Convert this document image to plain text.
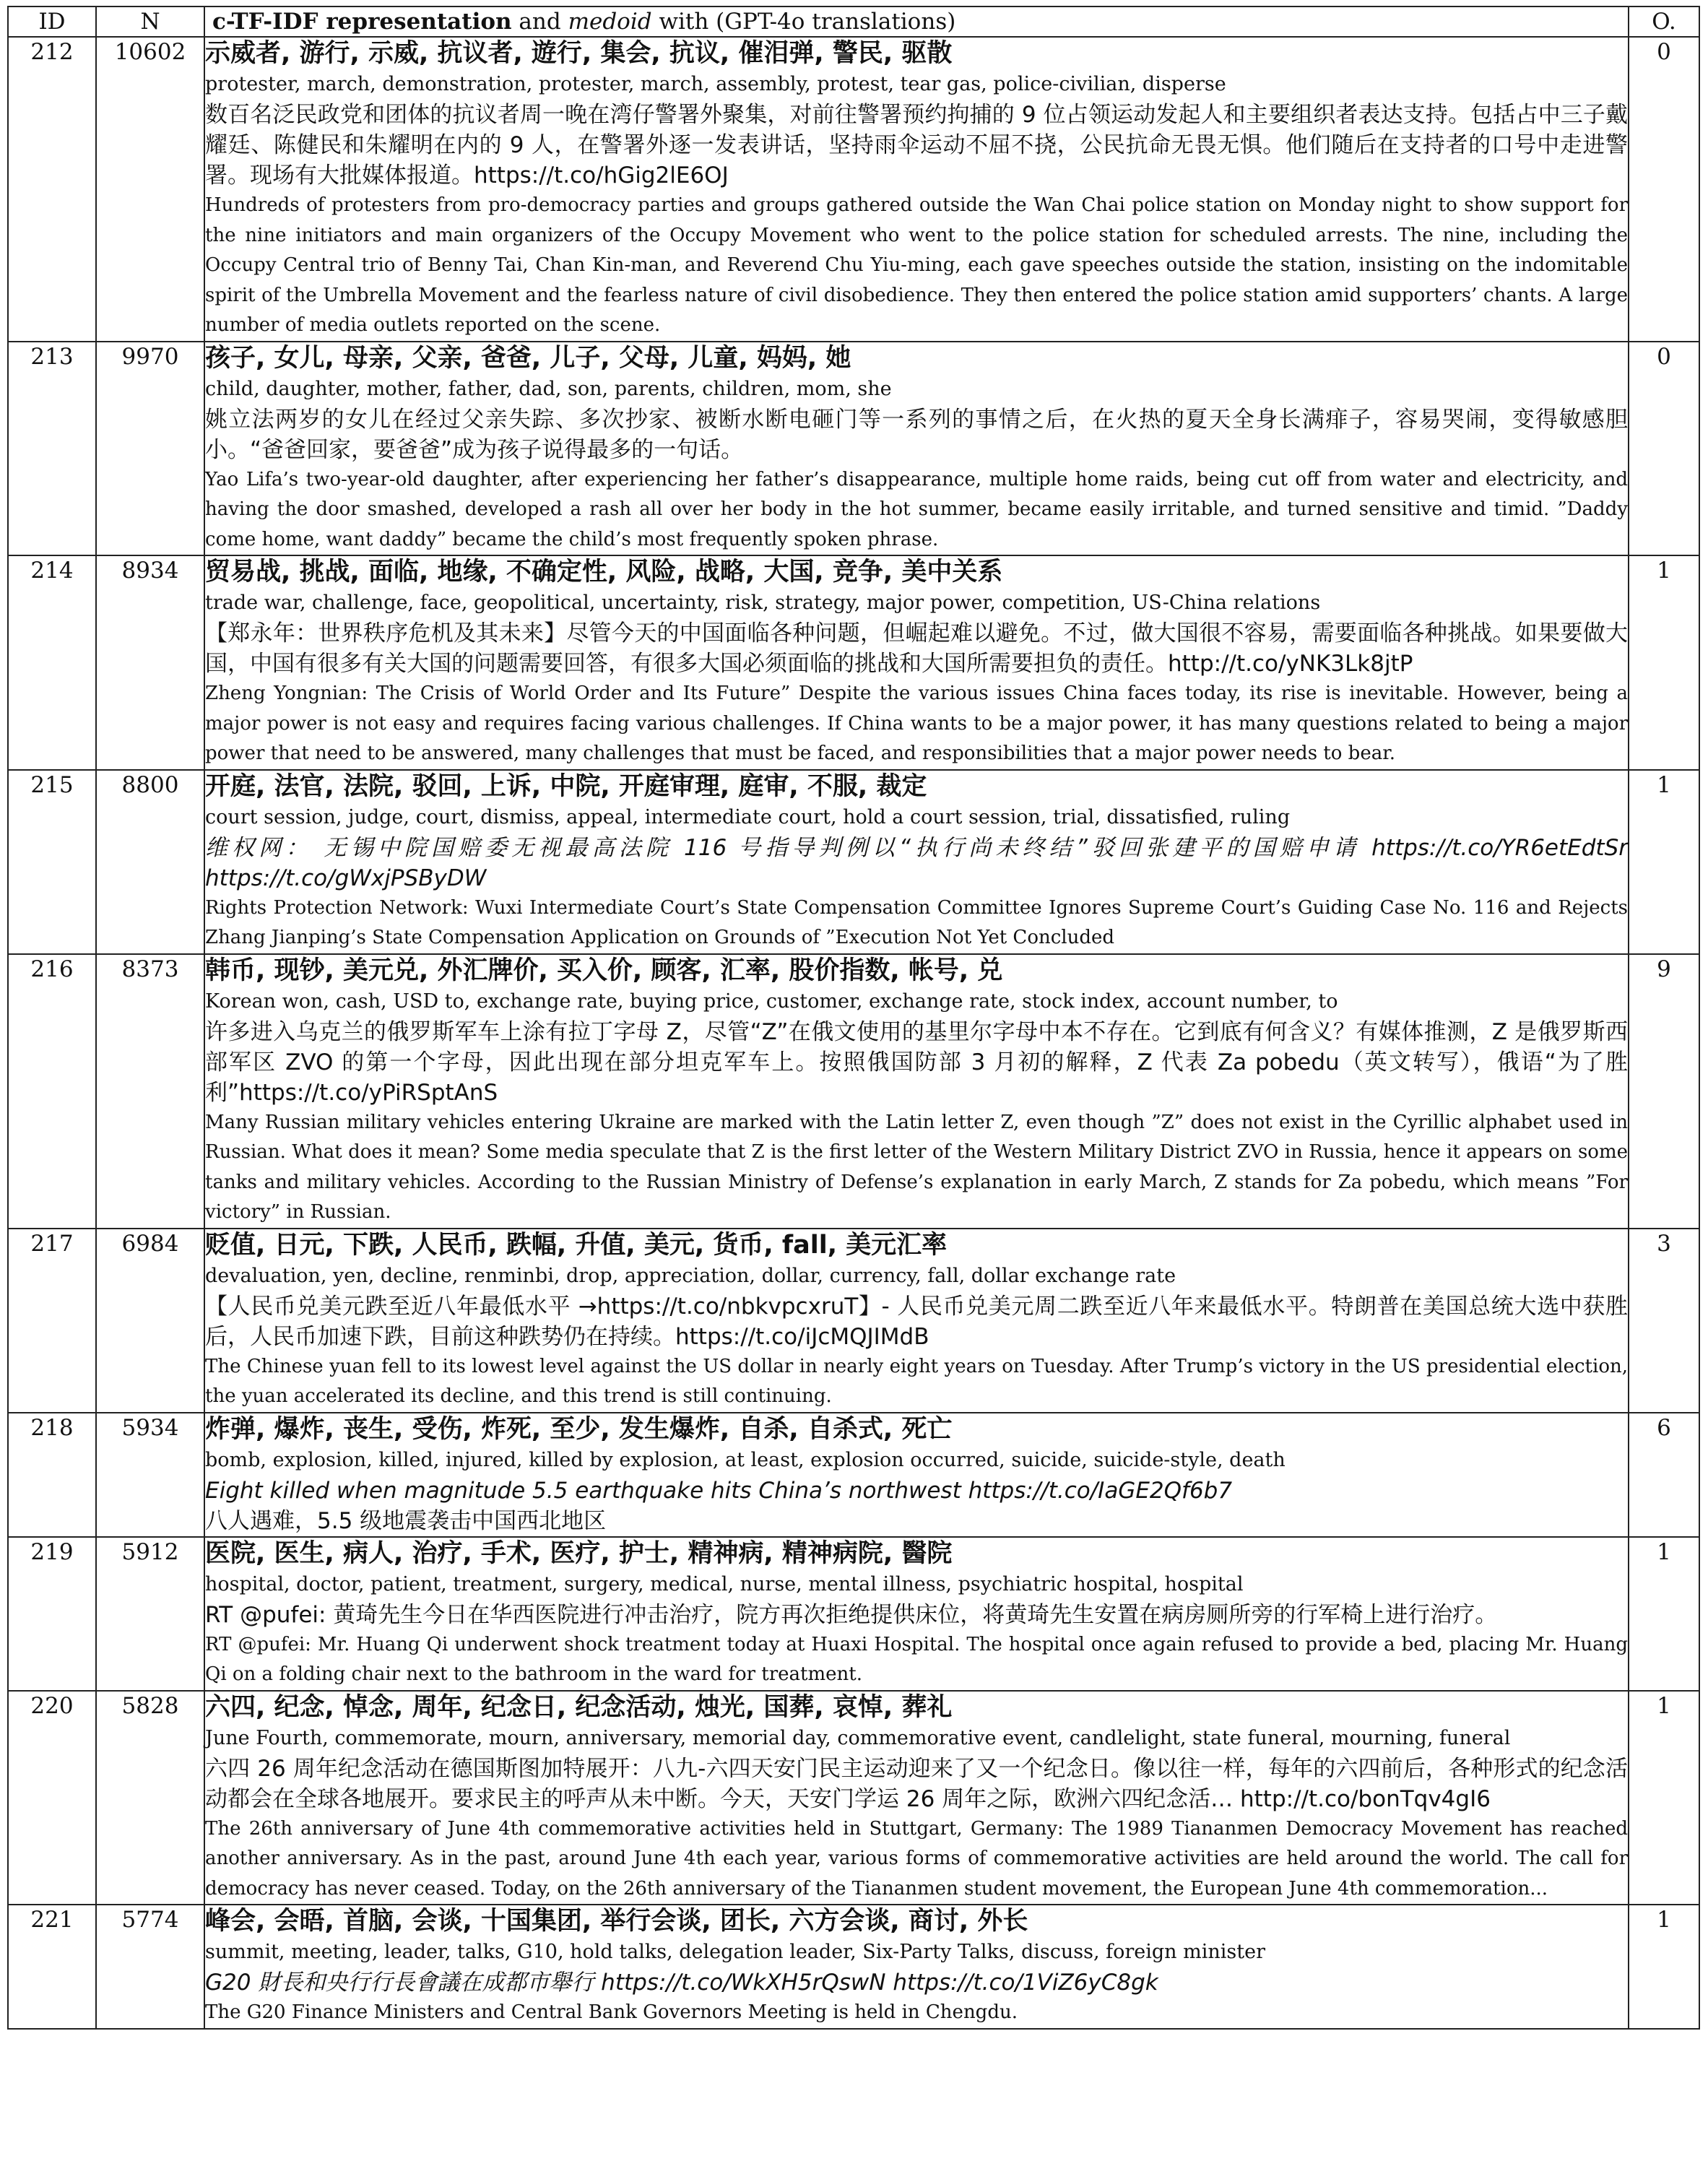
ID	N	c-TF-IDF representation and medoid with (GPT-4o translations)	O.
212	10602	示威者, 游行, 示威, 抗议者, 遊行, 集会, 抗议, 催泪弹, 警民, 驱散
protester, march, demonstration, protester, march, assembly, protest, tear gas, police-civilian, disperse
数百名泛民政党和团体的抗议者周一晚在湾仔警署外聚集，对前往警署预约拘捕的 9 位占领运动发起人和主要组织者表达支持。包括占中三子戴耀廷、陈健民和朱耀明在内的 9 人，在警署外逐一发表讲话，坚持雨伞运动不屈不挠，公民抗命无畏无惧。他们随后在支持者的口号中走进警署。现场有大批媒体报道。https://t.co/hGig2lE6OJ
Hundreds of protesters from pro-democracy parties and groups gathered outside the Wan Chai police station on Monday night to show support for the nine initiators and main organizers of the Occupy Movement who went to the police station for scheduled arrests. The nine, including the Occupy Central trio of Benny Tai, Chan Kin-man, and Reverend Chu Yiu-ming, each gave speeches outside the station, insisting on the indomitable spirit of the Umbrella Movement and the fearless nature of civil disobedience. They then entered the police station amid supporters’ chants. A large number of media outlets reported on the scene.	0
213	9970	孩子, 女儿, 母亲, 父亲, 爸爸, 儿子, 父母, 儿童, 妈妈, 她
child, daughter, mother, father, dad, son, parents, children, mom, she
姚立法两岁的女儿在经过父亲失踪、多次抄家、被断水断电砸门等一系列的事情之后，在火热的夏天全身长满痱子，容易哭闹，变得敏感胆小。“爸爸回家，要爸爸”成为孩子说得最多的一句话。
Yao Lifa’s two-year-old daughter, after experiencing her father’s disappearance, multiple home raids, being cut off from water and electricity, and having the door smashed, developed a rash all over her body in the hot summer, became easily irritable, and turned sensitive and timid. ”Daddy come home, want daddy” became the child’s most frequently spoken phrase.	0
214	8934	贸易战, 挑战, 面临, 地缘, 不确定性, 风险, 战略, 大国, 竞争, 美中关系
trade war, challenge, face, geopolitical, uncertainty, risk, strategy, major power, competition, US-China relations
【郑永年：世界秩序危机及其未来】尽管今天的中国面临各种问题，但崛起难以避免。不过，做大国很不容易，需要面临各种挑战。如果要做大国，中国有很多有关大国的问题需要回答，有很多大国必须面临的挑战和大国所需要担负的责任。http://t.co/yNK3Lk8jtP
Zheng Yongnian: The Crisis of World Order and Its Future” Despite the various issues China faces today, its rise is inevitable. However, being a major power is not easy and requires facing various challenges. If China wants to be a major power, it has many questions related to being a major power that need to be answered, many challenges that must be faced, and responsibilities that a major power needs to bear.	1
215	8800	开庭, 法官, 法院, 驳回, 上诉, 中院, 开庭审理, 庭审, 不服, 裁定
court session, judge, court, dismiss, appeal, intermediate court, hold a court session, trial, dissatisfied, ruling
维权网： 无锡中院国赔委无视最高法院 116 号指导判例以“执行尚未终结”驳回张建平的国赔申请 https://t.co/YR6etEdtSr https://t.co/gWxjPSByDW
Rights Protection Network: Wuxi Intermediate Court’s State Compensation Committee Ignores Supreme Court’s Guiding Case No. 116 and Rejects Zhang Jianping’s State Compensation Application on Grounds of ”Execution Not Yet Concluded	1
216	8373	韩币, 现钞, 美元兑, 外汇牌价, 买入价, 顾客, 汇率, 股价指数, 帐号, 兑
Korean won, cash, USD to, exchange rate, buying price, customer, exchange rate, stock index, account number, to
许多进入乌克兰的俄罗斯军车上涂有拉丁字母 Z，尽管“Z”在俄文使用的基里尔字母中本不存在。它到底有何含义？有媒体推测，Z 是俄罗斯西部军区 ZVO 的第一个字母，因此出现在部分坦克军车上。按照俄国防部 3 月初的解释，Z 代表 Za pobedu（英文转写），俄语“为了胜利”https://t.co/yPiRSptAnS
Many Russian military vehicles entering Ukraine are marked with the Latin letter Z, even though ”Z” does not exist in the Cyrillic alphabet used in Russian. What does it mean? Some media speculate that Z is the first letter of the Western Military District ZVO in Russia, hence it appears on some tanks and military vehicles. According to the Russian Ministry of Defense’s explanation in early March, Z stands for Za pobedu, which means ”For victory” in Russian.	9
217	6984	贬值, 日元, 下跌, 人民币, 跌幅, 升值, 美元, 货币, fall, 美元汇率
devaluation, yen, decline, renminbi, drop, appreciation, dollar, currency, fall, dollar exchange rate
【人民币兑美元跌至近八年最低水平 →https://t.co/nbkvpcxruT】- 人民币兑美元周二跌至近八年来最低水平。特朗普在美国总统大选中获胜后，人民币加速下跌，目前这种跌势仍在持续。https://t.co/iJcMQJIMdB
The Chinese yuan fell to its lowest level against the US dollar in nearly eight years on Tuesday. After Trump’s victory in the US presidential election, the yuan accelerated its decline, and this trend is still continuing.	3
218	5934	炸弹, 爆炸, 丧生, 受伤, 炸死, 至少, 发生爆炸, 自杀, 自杀式, 死亡
bomb, explosion, killed, injured, killed by explosion, at least, explosion occurred, suicide, suicide-style, death
Eight killed when magnitude 5.5 earthquake hits China’s northwest https://t.co/IaGE2Qf6b7
八人遇难，5.5 级地震袭击中国西北地区	6
219	5912	医院, 医生, 病人, 治疗, 手术, 医疗, 护士, 精神病, 精神病院, 醫院
hospital, doctor, patient, treatment, surgery, medical, nurse, mental illness, psychiatric hospital, hospital
RT @pufei: 黄琦先生今日在华西医院进行冲击治疗，院方再次拒绝提供床位，将黄琦先生安置在病房厕所旁的行军椅上进行治疗。
RT @pufei: Mr. Huang Qi underwent shock treatment today at Huaxi Hospital. The hospital once again refused to provide a bed, placing Mr. Huang Qi on a folding chair next to the bathroom in the ward for treatment.	1
220	5828	六四, 纪念, 悼念, 周年, 纪念日, 纪念活动, 烛光, 国葬, 哀悼, 葬礼
June Fourth, commemorate, mourn, anniversary, memorial day, commemorative event, candlelight, state funeral, mourning, funeral
六四 26 周年纪念活动在德国斯图加特展开：八九-六四天安门民主运动迎来了又一个纪念日。像以往一样，每年的六四前后，各种形式的纪念活动都会在全球各地展开。要求民主的呼声从未中断。今天，天安门学运 26 周年之际，欧洲六四纪念活… http://t.co/bonTqv4gI6
The 26th anniversary of June 4th commemorative activities held in Stuttgart, Germany: The 1989 Tiananmen Democracy Movement has reached another anniversary. As in the past, around June 4th each year, various forms of commemorative activities are held around the world. The call for democracy has never ceased. Today, on the 26th anniversary of the Tiananmen student movement, the European June 4th commemoration...	1
221	5774	峰会, 会晤, 首脑, 会谈, 十国集团, 举行会谈, 团长, 六方会谈, 商讨, 外长
summit, meeting, leader, talks, G10, hold talks, delegation leader, Six-Party Talks, discuss, foreign minister
G20 財長和央行行長會議在成都市舉行 https://t.co/WkXH5rQswN https://t.co/1ViZ6yC8gk
The G20 Finance Ministers and Central Bank Governors Meeting is held in Chengdu.	1
